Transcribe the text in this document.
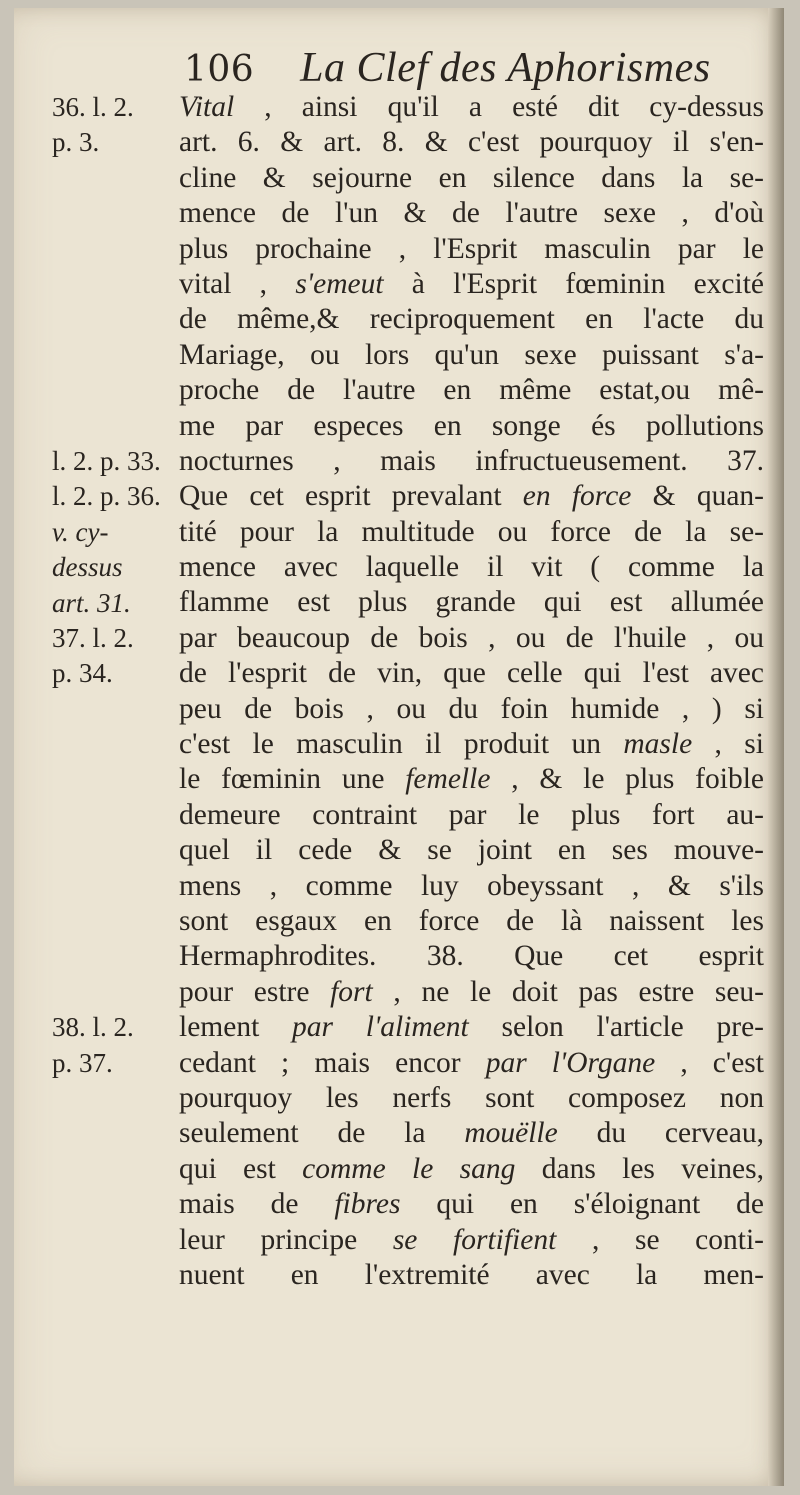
106 La Clef des Aphorismes
36. l. 2.
p. 3.
l. 2. p. 33.
l. 2. p. 36.
v. cy-
dessus
art. 31.
37. l. 2.
p. 34.
38. l. 2.
p. 37.
Vital , ainsi qu'il a esté dit cy-dessus
art. 6. & art. 8. & c'est pourquoy il s'en-
cline & sejourne en silence dans la se-
mence de l'un & de l'autre sexe , d'où
plus prochaine , l'Esprit masculin par le
vital , s'emeut à l'Esprit fœminin excité
de même,& reciproquement en l'acte du
Mariage, ou lors qu'un sexe puissant s'a-
proche de l'autre en même estat,ou mê-
me par especes en songe és pollutions
nocturnes , mais infructueusement. 37.
Que cet esprit prevalant en force & quan-
tité pour la multitude ou force de la se-
mence avec laquelle il vit ( comme la
flamme est plus grande qui est allumée
par beaucoup de bois , ou de l'huile , ou
de l'esprit de vin, que celle qui l'est avec
peu de bois , ou du foin humide , ) si
c'est le masculin il produit un masle , si
le fœminin une femelle , & le plus foible
demeure contraint par le plus fort au-
quel il cede & se joint en ses mouve-
mens , comme luy obeyssant , & s'ils
sont esgaux en force de là naissent les
Hermaphrodites. 38. Que cet esprit
pour estre fort , ne le doit pas estre seu-
lement par l'aliment selon l'article pre-
cedant ; mais encor par l'Organe , c'est
pourquoy les nerfs sont composez non
seulement de la mouëlle du cerveau,
qui est comme le sang dans les veines,
mais de fibres qui en s'éloignant de
leur principe se fortifient , se conti-
nuent en l'extremité avec la men-
